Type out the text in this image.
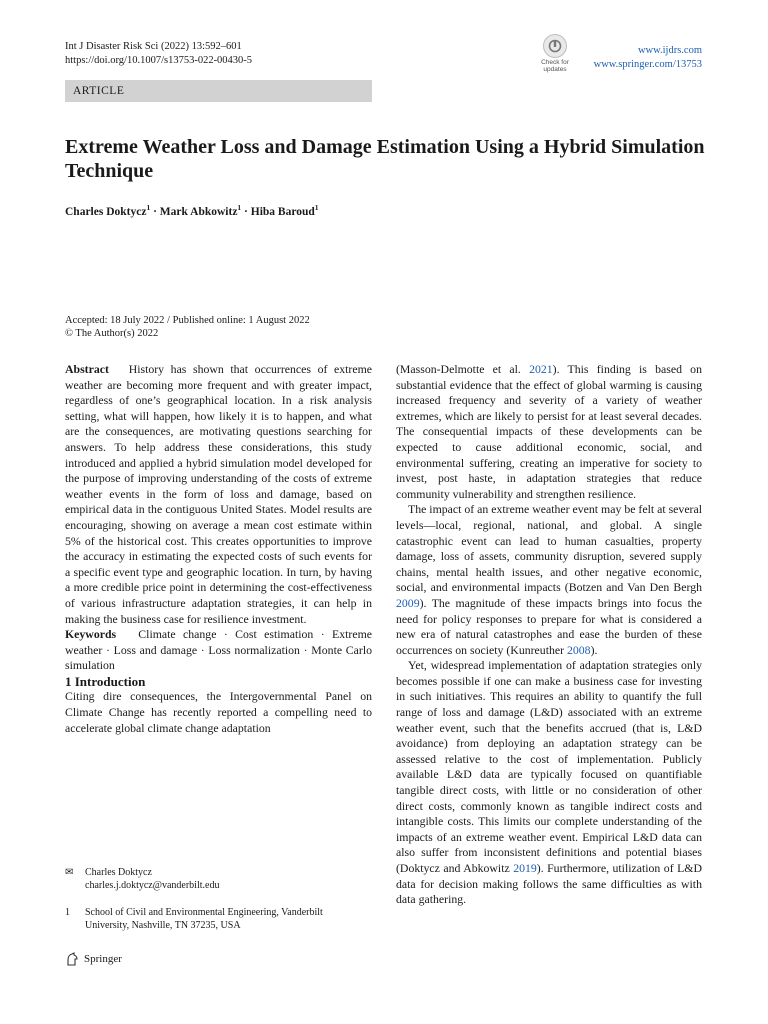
Int J Disaster Risk Sci (2022) 13:592–601
https://doi.org/10.1007/s13753-022-00430-5	Check for
updates
www.ijdrs.com
www.springer.com/13753
ARTICLE
Extreme Weather Loss and Damage Estimation Using a Hybrid Simulation Technique
Charles Doktycz$^1$ · Mark Abkowitz$^1$ · Hiba Baroud$^1$
Accepted: 18 July 2022 / Published online: 1 August 2022
© The Author(s) 2022

Abstract History has shown that occurrences of extreme weather are becoming more frequent and with greater impact, regardless of one’s geographical location. In a risk analysis setting, what will happen, how likely it is to happen, and what are the consequences, are motivating questions searching for answers. To help address these considerations, this study introduced and applied a hybrid simulation model developed for the purpose of improving understanding of the costs of extreme weather events in the form of loss and damage, based on empirical data in the contiguous United States. Model results are encouraging, showing on average a mean cost estimate within 5% of the historical cost. This creates opportunities to improve the accuracy in estimating the expected costs of such events for a specific event type and geographic location. In turn, by having a more credible price point in determining the cost-effectiveness of various infrastructure adaptation strategies, it can help in making the business case for resilience investment.

Keywords Climate change · Cost estimation · Extreme weather · Loss and damage · Loss normalization · Monte Carlo simulation

1 Introduction

Citing dire consequences, the Intergovernmental Panel on Climate Change has recently reported a compelling need to accelerate global climate change adaptation

✉	Charles Doktycz
charles.j.doktycz@vanderbilt.edu
1	School of Civil and Environmental Engineering, Vanderbilt
University, Nashville, TN 37235, USA
Springer

(Masson-Delmotte et al. 2021). This finding is based on substantial evidence that the effect of global warming is causing increased frequency and severity of a variety of weather extremes, which are likely to persist for at least several decades. The consequential impacts of these developments can be expected to cause additional economic, social, and environmental suffering, creating an imperative for society to invest, post haste, in adaptation strategies that reduce community vulnerability and strengthen resilience.

The impact of an extreme weather event may be felt at several levels—local, regional, national, and global. A single catastrophic event can lead to human casualties, property damage, loss of assets, community disruption, severed supply chains, mental health issues, and other negative economic, social, and environmental impacts (Botzen and Van Den Bergh 2009). The magnitude of these impacts brings into focus the need for policy responses to prepare for what is considered a new era of natural catastrophes and ease the burden of these occurrences on society (Kunreuther 2008).

Yet, widespread implementation of adaptation strategies only becomes possible if one can make a business case for investing in such initiatives. This requires an ability to quantify the full range of loss and damage (L&D) associated with an extreme weather event, such that the benefits accrued (that is, L&D avoidance) from deploying an adaptation strategy can be assessed relative to the cost of implementation. Publicly available L&D data are typically focused on quantifiable tangible direct costs, with little or no consideration of other direct costs, commonly known as tangible indirect costs and intangible costs. This limits our complete understanding of the impacts of an extreme weather event. Empirical L&D data can also suffer from inconsistent definitions and potential biases (Doktycz and Abkowitz 2019). Furthermore, utilization of L&D data for decision making follows the same difficulties as with data gathering.
